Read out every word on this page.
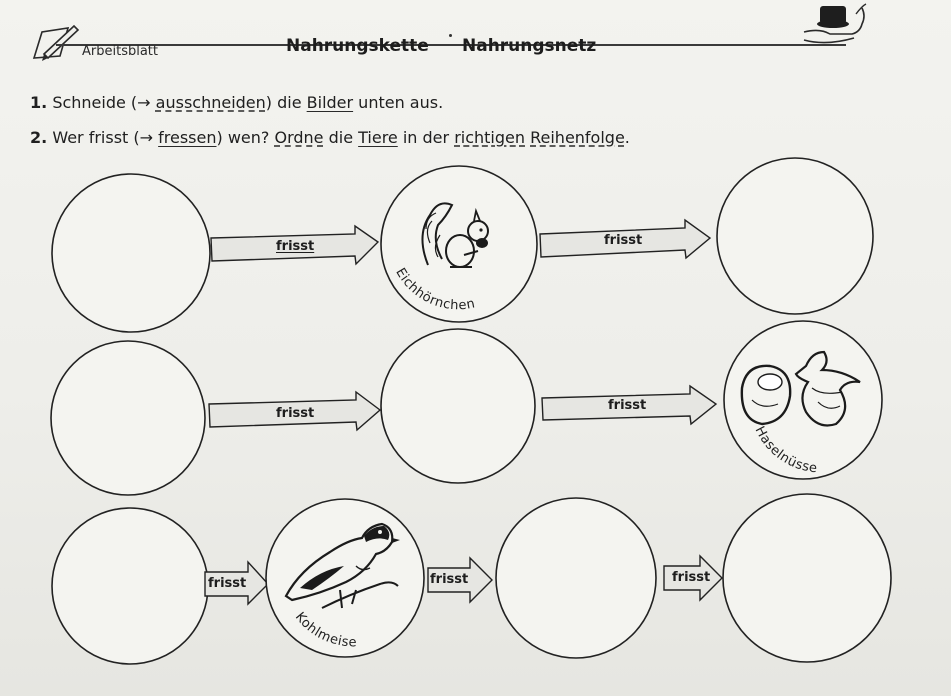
Arbeitsblatt	Nahrungskette Nahrungsnetz
1. Schneide (→ ausschneiden) die Bilder unten aus.
2. Wer frisst (→ fressen) wen? Ordne die Tiere in der richtigen Reihenfolge.
Eichhörnchen
Haselnüsse
Kohlmeise
frisst	frisst
frisst
frisst
frisst	frisst	frisst
